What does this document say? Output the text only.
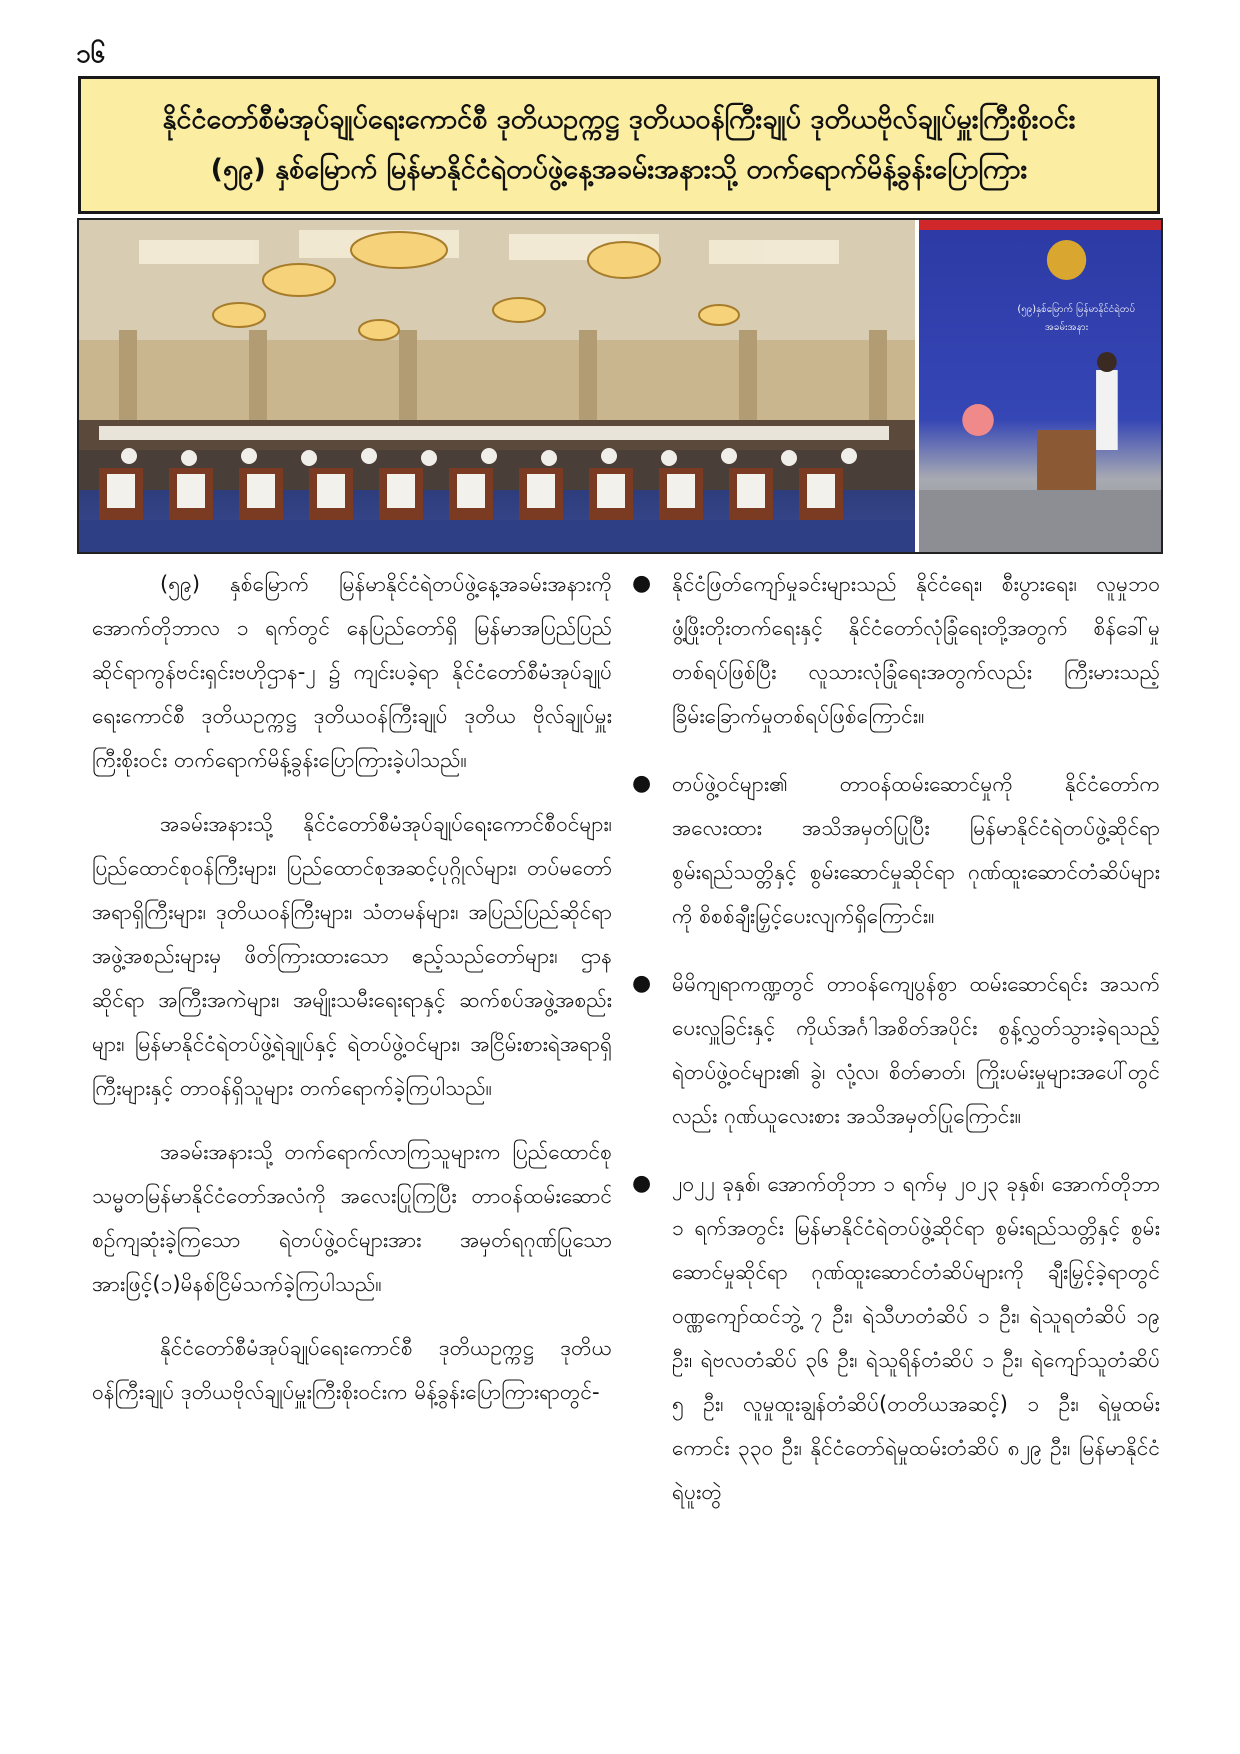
၁၆
နိုင်ငံတော်စီမံအုပ်ချုပ်ရေးကောင်စီ ဒုတိယဥက္ကဋ္ဌ ဒုတိယဝန်ကြီးချုပ် ဒုတိယဗိုလ်ချုပ်မှူးကြီးစိုးဝင်း
(၅၉) နှစ်မြောက် မြန်မာနိုင်ငံရဲတပ်ဖွဲ့နေ့အခမ်းအနားသို့ တက်ရောက်မိန့်ခွန်းပြောကြား
(၅၉)နှစ်မြောက် မြန်မာနိုင်ငံရဲတပ်
အခမ်းအနား

(၅၉) နှစ်မြောက် မြန်မာနိုင်ငံရဲတပ်ဖွဲ့နေ့အခမ်းအနားကို အောက်တိုဘာလ ၁ ရက်တွင် နေပြည်တော်ရှိ မြန်မာအပြည်ပြည်ဆိုင်ရာကွန်ဗင်းရှင်းဗဟိုဌာန-၂ ၌ ကျင်းပခဲ့ရာ နိုင်ငံတော်စီမံအုပ်ချုပ်ရေးကောင်စီ ဒုတိယဥက္ကဋ္ဌ ဒုတိယဝန်ကြီးချုပ် ဒုတိယ ဗိုလ်ချုပ်မှူးကြီးစိုးဝင်း တက်ရောက်မိန့်ခွန်းပြောကြားခဲ့ပါသည်။

အခမ်းအနားသို့ နိုင်ငံတော်စီမံအုပ်ချုပ်ရေးကောင်စီဝင်များ၊ ပြည်ထောင်စုဝန်ကြီးများ၊ ပြည်ထောင်စုအဆင့်ပုဂ္ဂိုလ်များ၊ တပ်မတော်အရာရှိကြီးများ၊ ဒုတိယဝန်ကြီးများ၊ သံတမန်များ၊ အပြည်ပြည်ဆိုင်ရာအဖွဲ့အစည်းများမှ ဖိတ်ကြားထားသော ဧည့်သည်တော်များ၊ ဌာနဆိုင်ရာ အကြီးအကဲများ၊ အမျိုးသမီးရေးရာနှင့် ဆက်စပ်အဖွဲ့အစည်းများ၊ မြန်မာနိုင်ငံရဲတပ်ဖွဲ့ရဲချုပ်နှင့် ရဲတပ်ဖွဲ့ဝင်များ၊ အငြိမ်းစားရဲအရာရှိကြီးများနှင့် တာဝန်ရှိသူများ တက်ရောက်ခဲ့ကြပါသည်။

အခမ်းအနားသို့ တက်ရောက်လာကြသူများက ပြည်ထောင်စုသမ္မတမြန်မာနိုင်ငံတော်အလံကို အလေးပြုကြပြီး တာဝန်ထမ်းဆောင်စဉ်ကျဆုံးခဲ့ကြသော ရဲတပ်ဖွဲ့ဝင်များအား အမှတ်ရဂုဏ်ပြုသောအားဖြင့်(၁)မိနစ်ငြိမ်သက်ခဲ့ကြပါသည်။

နိုင်ငံတော်စီမံအုပ်ချုပ်ရေးကောင်စီ ဒုတိယဥက္ကဋ္ဌ ဒုတိယဝန်ကြီးချုပ် ဒုတိယဗိုလ်ချုပ်မှူးကြီးစိုးဝင်းက မိန့်ခွန်းပြောကြားရာတွင်-

● နိုင်ငံဖြတ်ကျော်မှုခင်းများသည် နိုင်ငံရေး၊ စီးပွားရေး၊ လူမှုဘဝ ဖွံ့ဖြိုးတိုးတက်ရေးနှင့် နိုင်ငံတော်လုံခြုံရေးတို့အတွက် စိန်ခေါ်မှုတစ်ရပ်ဖြစ်ပြီး လူသားလုံခြုံရေးအတွက်လည်း ကြီးမားသည့်ခြိမ်းခြောက်မှုတစ်ရပ်ဖြစ်ကြောင်း။
● တပ်ဖွဲ့ဝင်များ၏ တာဝန်ထမ်းဆောင်မှုကို နိုင်ငံတော်က အလေးထား အသိအမှတ်ပြုပြီး မြန်မာနိုင်ငံရဲတပ်ဖွဲ့ဆိုင်ရာ စွမ်းရည်သတ္တိနှင့် စွမ်းဆောင်မှုဆိုင်ရာ ဂုဏ်ထူးဆောင်တံဆိပ်များကို စိစစ်ချီးမြှင့်ပေးလျက်ရှိကြောင်း။
● မိမိကျရာကဏ္ဍတွင် တာဝန်ကျေပွန်စွာ ထမ်းဆောင်ရင်း အသက်ပေးလှူခြင်းနှင့် ကိုယ်အင်္ဂါအစိတ်အပိုင်း စွန့်လွှတ်သွားခဲ့ရသည့် ရဲတပ်ဖွဲ့ဝင်များ၏ ခွဲ၊ လုံ့လ၊ စိတ်ဓာတ်၊ ကြိုးပမ်းမှုများအပေါ်တွင်လည်း ဂုဏ်ယူလေးစား အသိအမှတ်ပြုကြောင်း။
● ၂၀၂၂ ခုနှစ်၊ အောက်တိုဘာ ၁ ရက်မှ ၂၀၂၃ ခုနှစ်၊ အောက်တိုဘာ ၁ ရက်အတွင်း မြန်မာနိုင်ငံရဲတပ်ဖွဲ့ဆိုင်ရာ စွမ်းရည်သတ္တိနှင့် စွမ်းဆောင်မှုဆိုင်ရာ ဂုဏ်ထူးဆောင်တံဆိပ်များကို ချီးမြှင့်ခဲ့ရာတွင် ဝဏ္ဏကျော်ထင်ဘွဲ့ ၇ ဦး၊ ရဲသီဟတံဆိပ် ၁ ဦး၊ ရဲသူရတံဆိပ် ၁၉ ဦး၊ ရဲဗလတံဆိပ် ၃၆ ဦး၊ ရဲသူရိန်တံဆိပ် ၁ ဦး၊ ရဲကျော်သူတံဆိပ် ၅ ဦး၊ လူမှုထူးချွန်တံဆိပ်(တတိယအဆင့်) ၁ ဦး၊ ရဲမှုထမ်း ကောင်း ၃၃၀ ဦး၊ နိုင်ငံတော်ရဲမှုထမ်းတံဆိပ် ၈၂၉ ဦး၊ မြန်မာနိုင်ငံရဲပူးတွဲ
